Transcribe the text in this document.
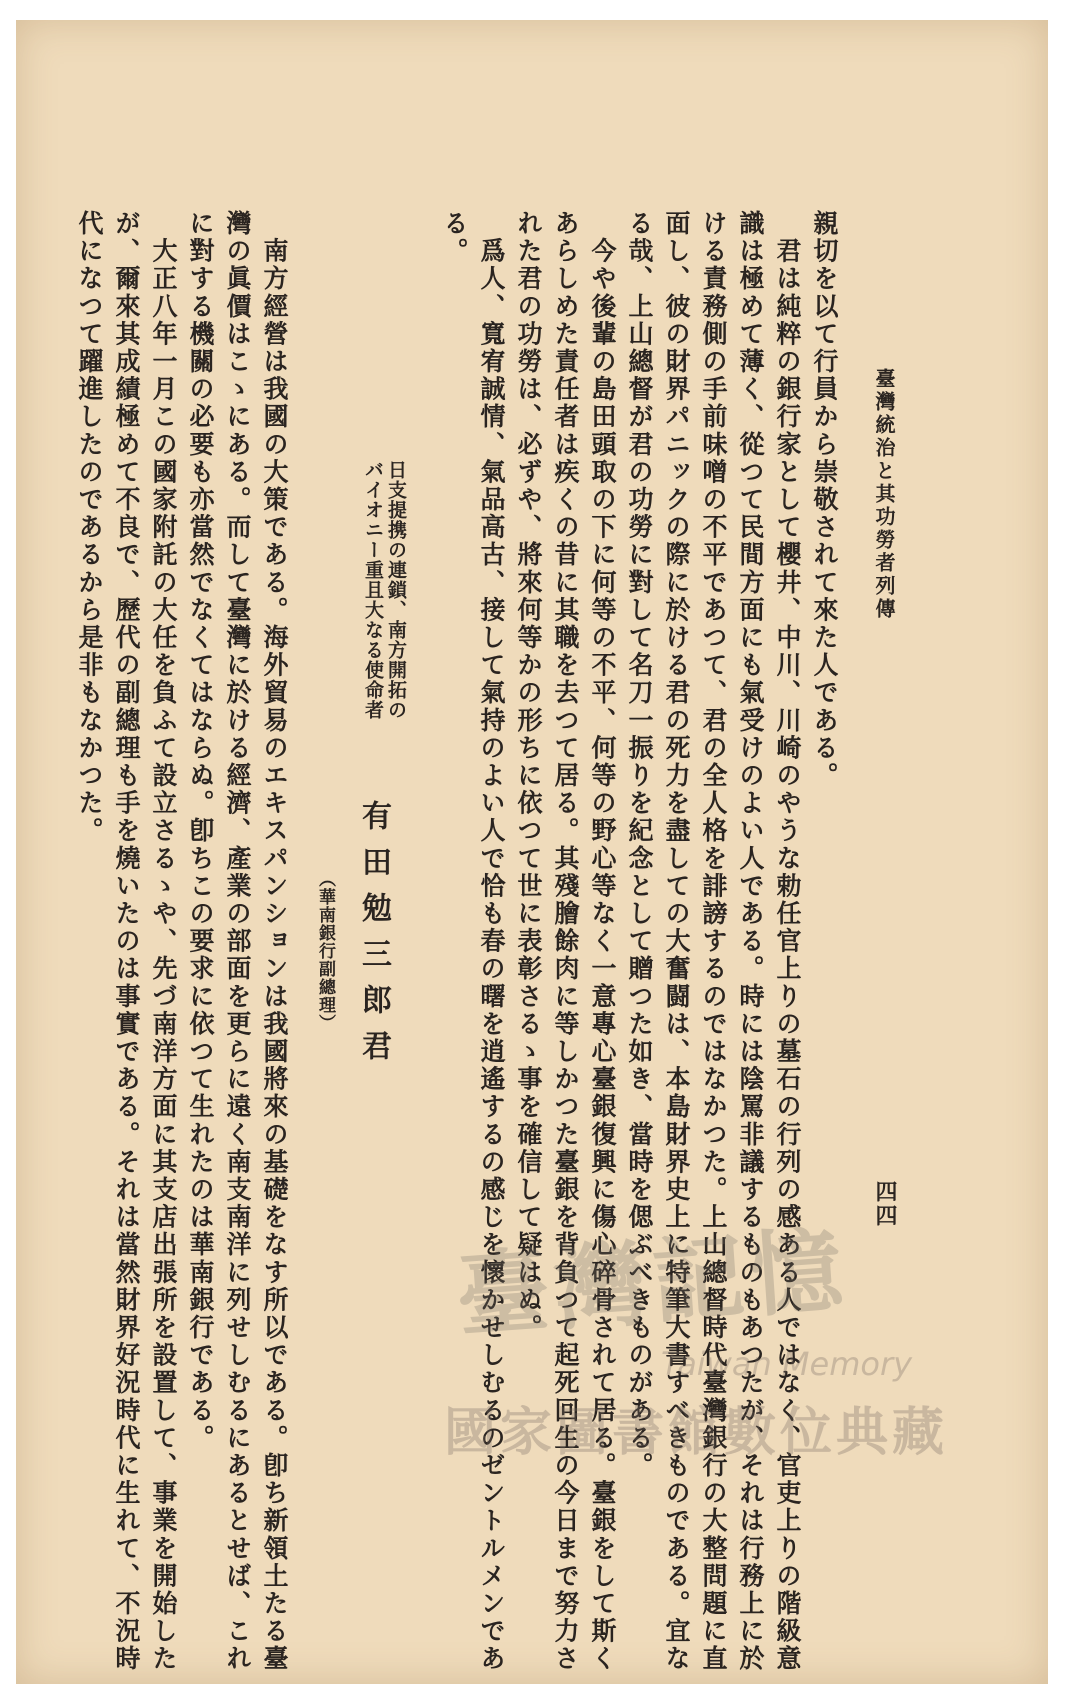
臺灣統治と其功勞者列傳
四四
親切を以て行員から崇敬されて來た人である。
　君は純粹の銀行家として櫻井、中川、川崎のやうな勅任官上りの墓石の行列の感ある人ではなく、官吏上りの階級意
識は極めて薄く、從つて民間方面にも氣受けのよい人である。時には陰罵非議するものもあつたが、それは行務上に於
ける責務側の手前味噌の不平であつて、君の全人格を誹謗するのではなかつた。上山總督時代臺灣銀行の大整問題に直
面し、彼の財界パニックの際に於ける君の死力を盡しての大奮闘は、本島財界史上に特筆大書すべきものである。宜な
る哉、上山總督が君の功勞に對して名刀一振りを紀念として贈つた如き、當時を偲ぶべきものがある。
　今や後輩の島田頭取の下に何等の不平、何等の野心等なく一意專心臺銀復興に傷心碎骨されて居る。臺銀をして斯く
あらしめた責任者は疾くの昔に其職を去つて居る。其殘膾餘肉に等しかつた臺銀を背負つて起死回生の今日まで努力さ
れた君の功勞は、必ずや、將來何等かの形ちに依つて世に表彰さるゝ事を確信して疑はぬ。
　爲人、寬宥誠情、氣品高古、接して氣持のよい人で恰も春の曙を逍遙するの感じを懷かせしむるのゼントルメンであ
る。
日支提携の連鎖、南方開拓の
バイオニー重且大なる使命者
有田勉三郎君
（華南銀行副總理）
　南方經營は我國の大策である。海外貿易のエキスパンションは我國將來の基礎をなす所以である。卽ち新領土たる臺
灣の眞價はこゝにある。而して臺灣に於ける經濟、產業の部面を更らに遠く南支南洋に列せしむるにあるとせば、これ
に對する機關の必要も亦當然でなくてはならぬ。卽ちこの要求に依つて生れたのは華南銀行である。
　大正八年一月この國家附託の大任を負ふて設立さるゝや、先づ南洋方面に其支店出張所を設置して、事業を開始した
が、爾來其成績極めて不良で、歷代の副總理も手を燒いたのは事實である。それは當然財界好況時代に生れて、不況時
代になつて躍進したのであるから是非もなかつた。
臺灣記憶
Taiwan Memory
國家圖書館數位典藏
